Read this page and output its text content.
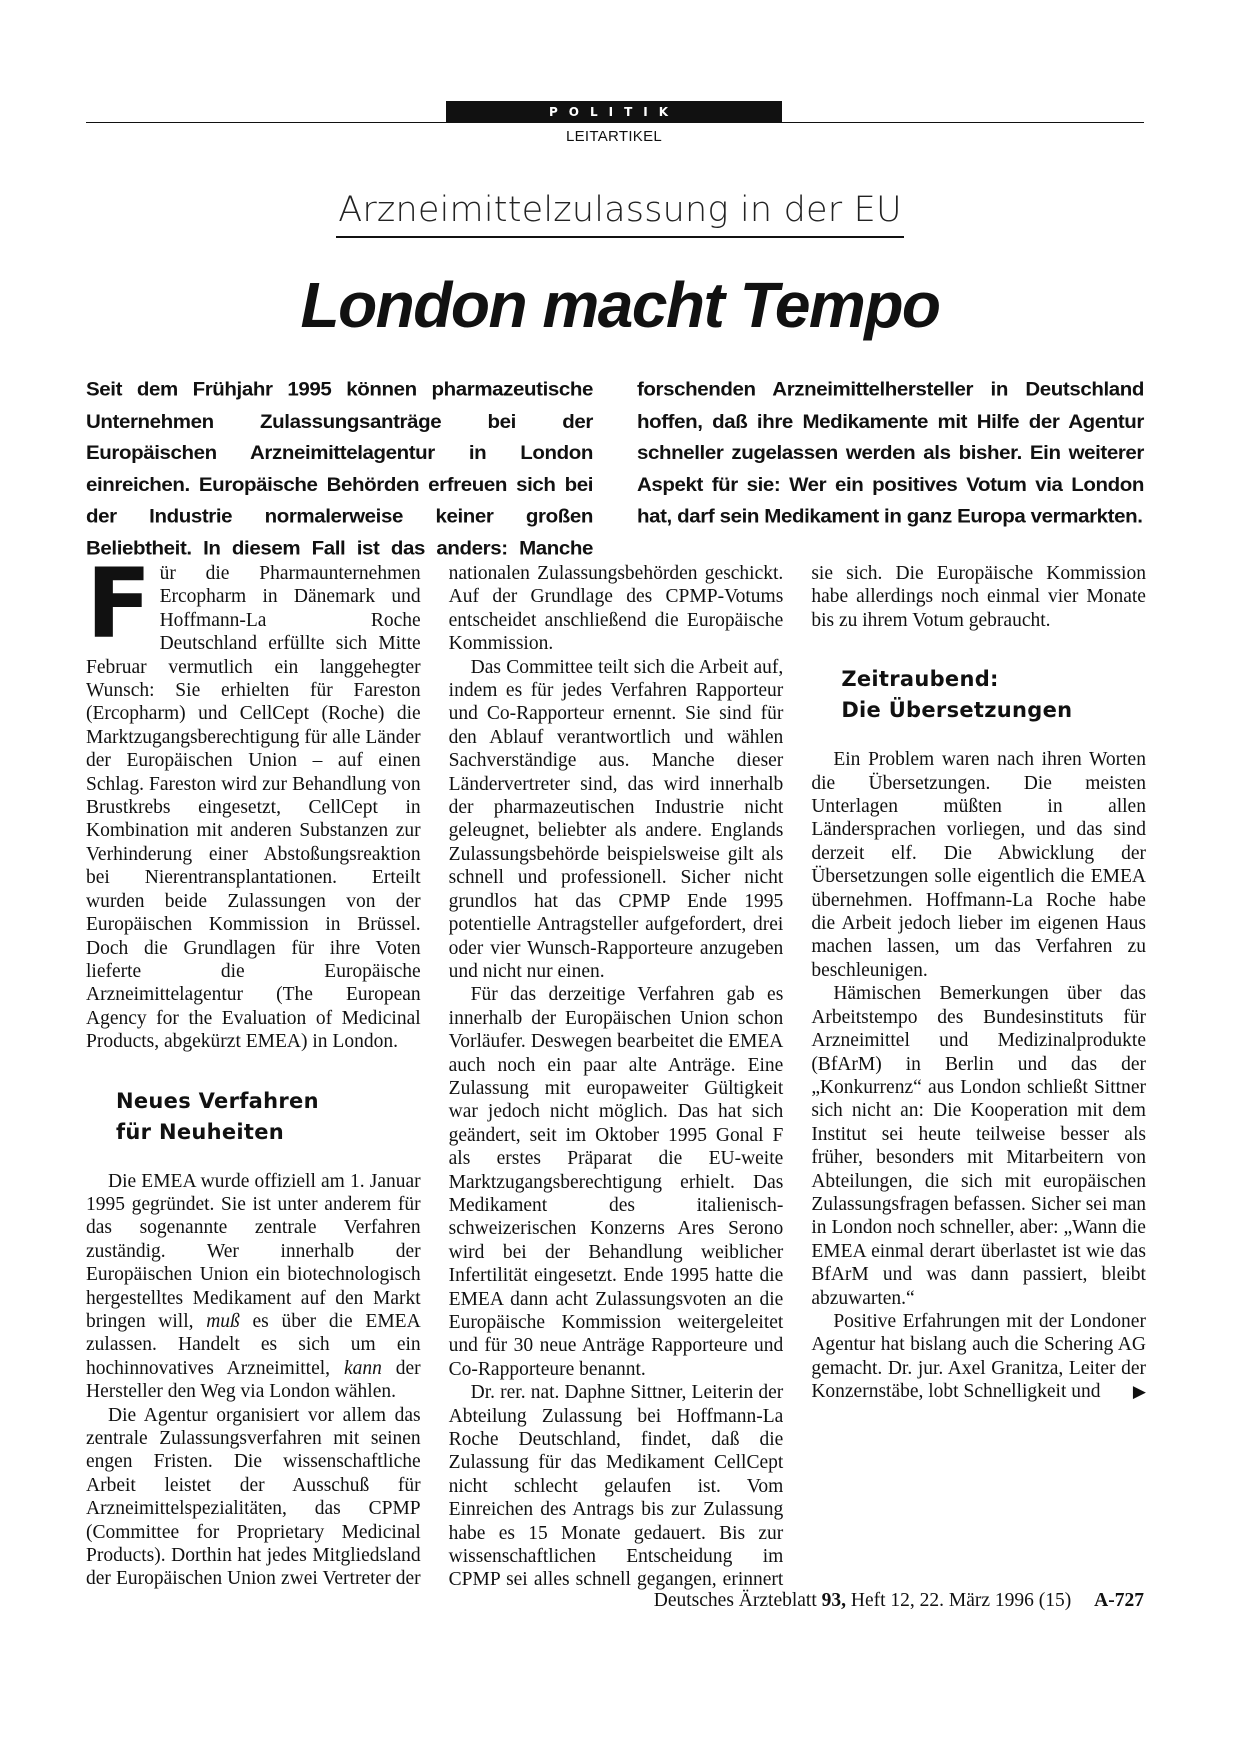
POLITIK
LEITARTIKEL
Arzneimittelzulassung in der EU
London macht Tempo

Seit dem Frühjahr 1995 können pharmazeutische Unternehmen Zulassungsanträge bei der Europäischen Arzneimittelagentur in London einreichen. Europäische Behörden erfreuen sich bei der Industrie normalerweise keiner großen Beliebtheit. In diesem Fall ist das anders: Manche forschenden Arzneimittelhersteller in Deutschland hoffen, daß ihre Medikamente mit Hilfe der Agentur schneller zugelassen werden als bisher. Ein weiterer Aspekt für sie: Wer ein positives Votum via London hat, darf sein Medikament in ganz Europa vermarkten.

Für die Pharmaunternehmen Ercopharm in Dänemark und Hoffmann-La Roche Deutschland erfüllte sich Mitte Februar vermutlich ein langgehegter Wunsch: Sie erhielten für Fareston (Ercopharm) und CellCept (Roche) die Marktzugangsberechtigung für alle Länder der Europäischen Union – auf einen Schlag. Fareston wird zur Behandlung von Brustkrebs eingesetzt, CellCept in Kombination mit anderen Substanzen zur Verhinderung einer Abstoßungsreaktion bei Nierentransplantationen. Erteilt wurden beide Zulassungen von der Europäischen Kommission in Brüssel. Doch die Grundlagen für ihre Voten lieferte die Europäische Arzneimittelagentur (The European Agency for the Evaluation of Medicinal Products, abgekürzt EMEA) in London.

Neues Verfahren
für Neuheiten

Die EMEA wurde offiziell am 1. Januar 1995 gegründet. Sie ist unter anderem für das sogenannte zentrale Verfahren zuständig. Wer innerhalb der Europäischen Union ein biotechnologisch hergestelltes Medikament auf den Markt bringen will, muß es über die EMEA zulassen. Handelt es sich um ein hochinnovatives Arzneimittel, kann der Hersteller den Weg via London wählen.

Die Agentur organisiert vor allem das zentrale Zulassungsverfahren mit seinen engen Fristen. Die wissenschaftliche Arbeit leistet der Ausschuß für Arzneimittelspezialitäten, das CPMP (Committee for Proprietary Medicinal Products). Dorthin hat jedes Mitgliedsland der Europäischen Union zwei Vertreter der nationalen Zulassungsbehörden geschickt. Auf der Grundlage des CPMP-Votums entscheidet anschließend die Europäische Kommission.

Das Committee teilt sich die Arbeit auf, indem es für jedes Verfahren Rapporteur und Co-Rapporteur ernennt. Sie sind für den Ablauf verantwortlich und wählen Sachverständige aus. Manche dieser Ländervertreter sind, das wird innerhalb der pharmazeutischen Industrie nicht geleugnet, beliebter als andere. Englands Zulassungsbehörde beispielsweise gilt als schnell und professionell. Sicher nicht grundlos hat das CPMP Ende 1995 potentielle Antragsteller aufgefordert, drei oder vier Wunsch-Rapporteure anzugeben und nicht nur einen.

Für das derzeitige Verfahren gab es innerhalb der Europäischen Union schon Vorläufer. Deswegen bearbeitet die EMEA auch noch ein paar alte Anträge. Eine Zulassung mit europaweiter Gültigkeit war jedoch nicht möglich. Das hat sich geändert, seit im Oktober 1995 Gonal F als erstes Präparat die EU-weite Marktzugangsberechtigung erhielt. Das Medikament des italienisch-schweizerischen Konzerns Ares Serono wird bei der Behandlung weiblicher Infertilität eingesetzt. Ende 1995 hatte die EMEA dann acht Zulassungsvoten an die Europäische Kommission weitergeleitet und für 30 neue Anträge Rapporteure und Co-Rapporteure benannt.

Dr. rer. nat. Daphne Sittner, Leiterin der Abteilung Zulassung bei Hoffmann-La Roche Deutschland, findet, daß die Zulassung für das Medikament CellCept nicht schlecht gelaufen ist. Vom Einreichen des Antrags bis zur Zulassung habe es 15 Monate gedauert. Bis zur wissenschaftlichen Entscheidung im CPMP sei alles schnell gegangen, erinnert sie sich. Die Europäische Kommission habe allerdings noch einmal vier Monate bis zu ihrem Votum gebraucht.

Zeitraubend:
Die Übersetzungen

Ein Problem waren nach ihren Worten die Übersetzungen. Die meisten Unterlagen müßten in allen Ländersprachen vorliegen, und das sind derzeit elf. Die Abwicklung der Übersetzungen solle eigentlich die EMEA übernehmen. Hoffmann-La Roche habe die Arbeit jedoch lieber im eigenen Haus machen lassen, um das Verfahren zu beschleunigen.

Hämischen Bemerkungen über das Arbeitstempo des Bundesinstituts für Arzneimittel und Medizinalprodukte (BfArM) in Berlin und das der „Konkurrenz“ aus London schließt Sittner sich nicht an: Die Kooperation mit dem Institut sei heute teilweise besser als früher, besonders mit Mitarbeitern von Abteilungen, die sich mit europäischen Zulassungsfragen befassen. Sicher sei man in London noch schneller, aber: „Wann die EMEA einmal derart überlastet ist wie das BfArM und was dann passiert, bleibt abzuwarten.“

Positive Erfahrungen mit der Londoner Agentur hat bislang auch die Schering AG gemacht. Dr. jur. Axel Granitza, Leiter der Konzernstäbe, lobt Schnelligkeit und	▶

Deutsches Ärzteblatt 93, Heft 12, 22. März 1996 (15) A-727
